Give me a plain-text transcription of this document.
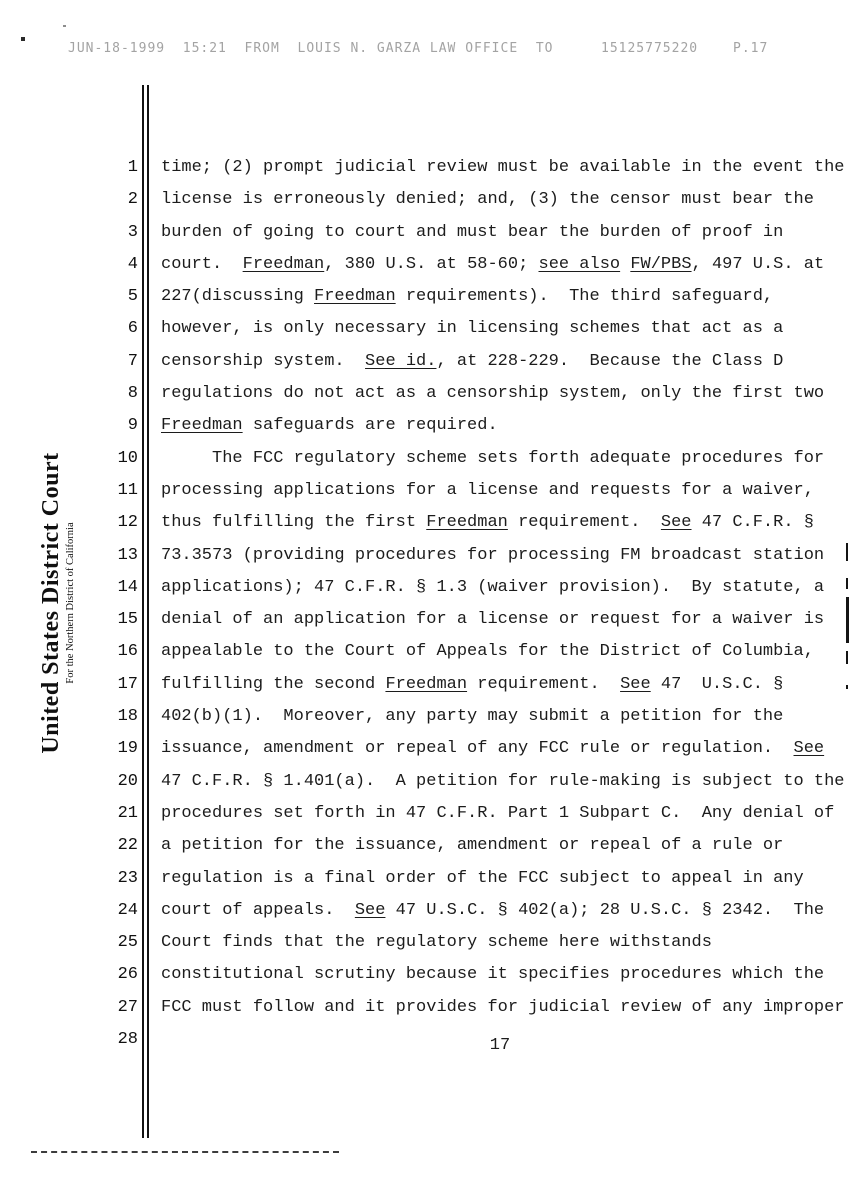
JUN-18-1999  15:21  FROM  LOUIS N. GARZA LAW OFFICE  TO

	15125775220

	P.17

United States District Court For the Northern District of California
1 time; (2) prompt judicial review must be available in the event the
2 license is erroneously denied; and, (3) the censor must bear the
3 burden of going to court and must bear the burden of proof in
4 court.  Freedman, 380 U.S. at 58-60; see also FW/PBS, 497 U.S. at
5 227(discussing Freedman requirements).  The third safeguard,
6 however, is only necessary in licensing schemes that act as a
7 censorship system.  See id., at 228-229.  Because the Class D
8 regulations do not act as a censorship system, only the first two
9 Freedman safeguards are required.
10 The FCC regulatory scheme sets forth adequate procedures for
11 processing applications for a license and requests for a waiver,
12 thus fulfilling the first Freedman requirement.  See 47 C.F.R. §
13 73.3573 (providing procedures for processing FM broadcast station
14 applications); 47 C.F.R. § 1.3 (waiver provision).  By statute, a
15 denial of an application for a license or request for a waiver is
16 appealable to the Court of Appeals for the District of Columbia,
17 fulfilling the second Freedman requirement.  See 47  U.S.C. §
18 402(b)(1).  Moreover, any party may submit a petition for the
19 issuance, amendment or repeal of any FCC rule or regulation.  See
20 47 C.F.R. § 1.401(a).  A petition for rule-making is subject to the
21 procedures set forth in 47 C.F.R. Part 1 Subpart C.  Any denial of
22 a petition for the issuance, amendment or repeal of a rule or
23 regulation is a final order of the FCC subject to appeal in any
24 court of appeals.  See 47 U.S.C. § 402(a); 28 U.S.C. § 2342.  The
25 Court finds that the regulatory scheme here withstands
26 constitutional scrutiny because it specifies procedures which the
27 FCC must follow and it provides for judicial review of any improper
28	17
